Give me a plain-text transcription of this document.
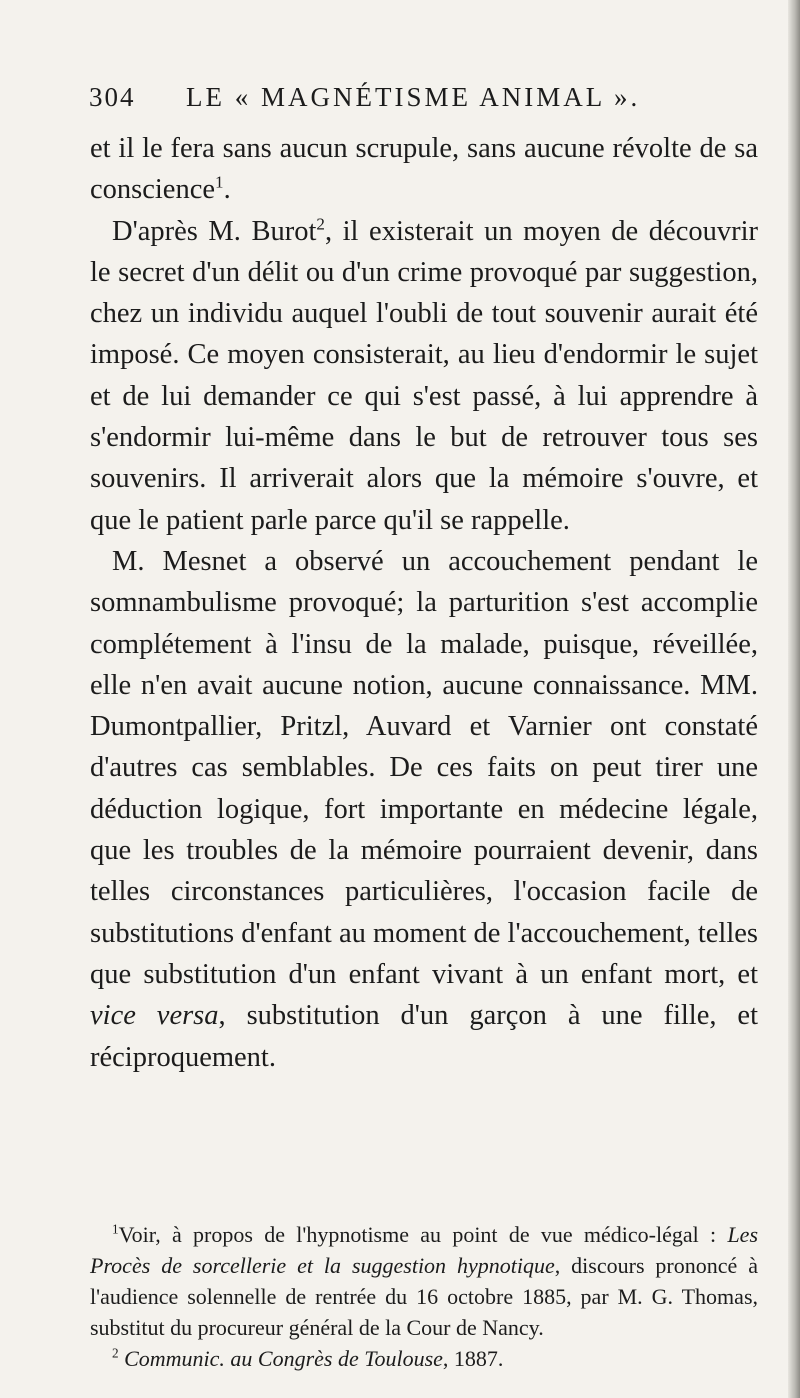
304 LE « MAGNÉTISME ANIMAL ».

et il le fera sans aucun scrupule, sans aucune révolte de sa conscience$^1$.

D'après M. Burot$^2$, il existerait un moyen de découvrir le secret d'un délit ou d'un crime provoqué par suggestion, chez un individu auquel l'oubli de tout souvenir aurait été imposé. Ce moyen consisterait, au lieu d'endormir le sujet et de lui demander ce qui s'est passé, à lui apprendre à s'endormir lui-même dans le but de retrouver tous ses souvenirs. Il arriverait alors que la mémoire s'ouvre, et que le patient parle parce qu'il se rappelle.

M. Mesnet a observé un accouchement pendant le somnambulisme provoqué; la parturition s'est accomplie complétement à l'insu de la malade, puisque, réveillée, elle n'en avait aucune notion, aucune connaissance. MM. Dumontpallier, Pritzl, Auvard et Varnier ont constaté d'autres cas semblables. De ces faits on peut tirer une déduction logique, fort importante en médecine légale, que les troubles de la mémoire pourraient devenir, dans telles circonstances particulières, l'occasion facile de substitutions d'enfant au moment de l'accouchement, telles que substitution d'un enfant vivant à un enfant mort, et vice versa, substitution d'un garçon à une fille, et réciproquement.

$^1$Voir, à propos de l'hypnotisme au point de vue médico-légal : Les Procès de sorcellerie et la suggestion hypnotique, discours prononcé à l'audience solennelle de rentrée du 16 octobre 1885, par M. G. Thomas, substitut du procureur général de la Cour de Nancy.

$^2$ Communic. au Congrès de Toulouse, 1887.
